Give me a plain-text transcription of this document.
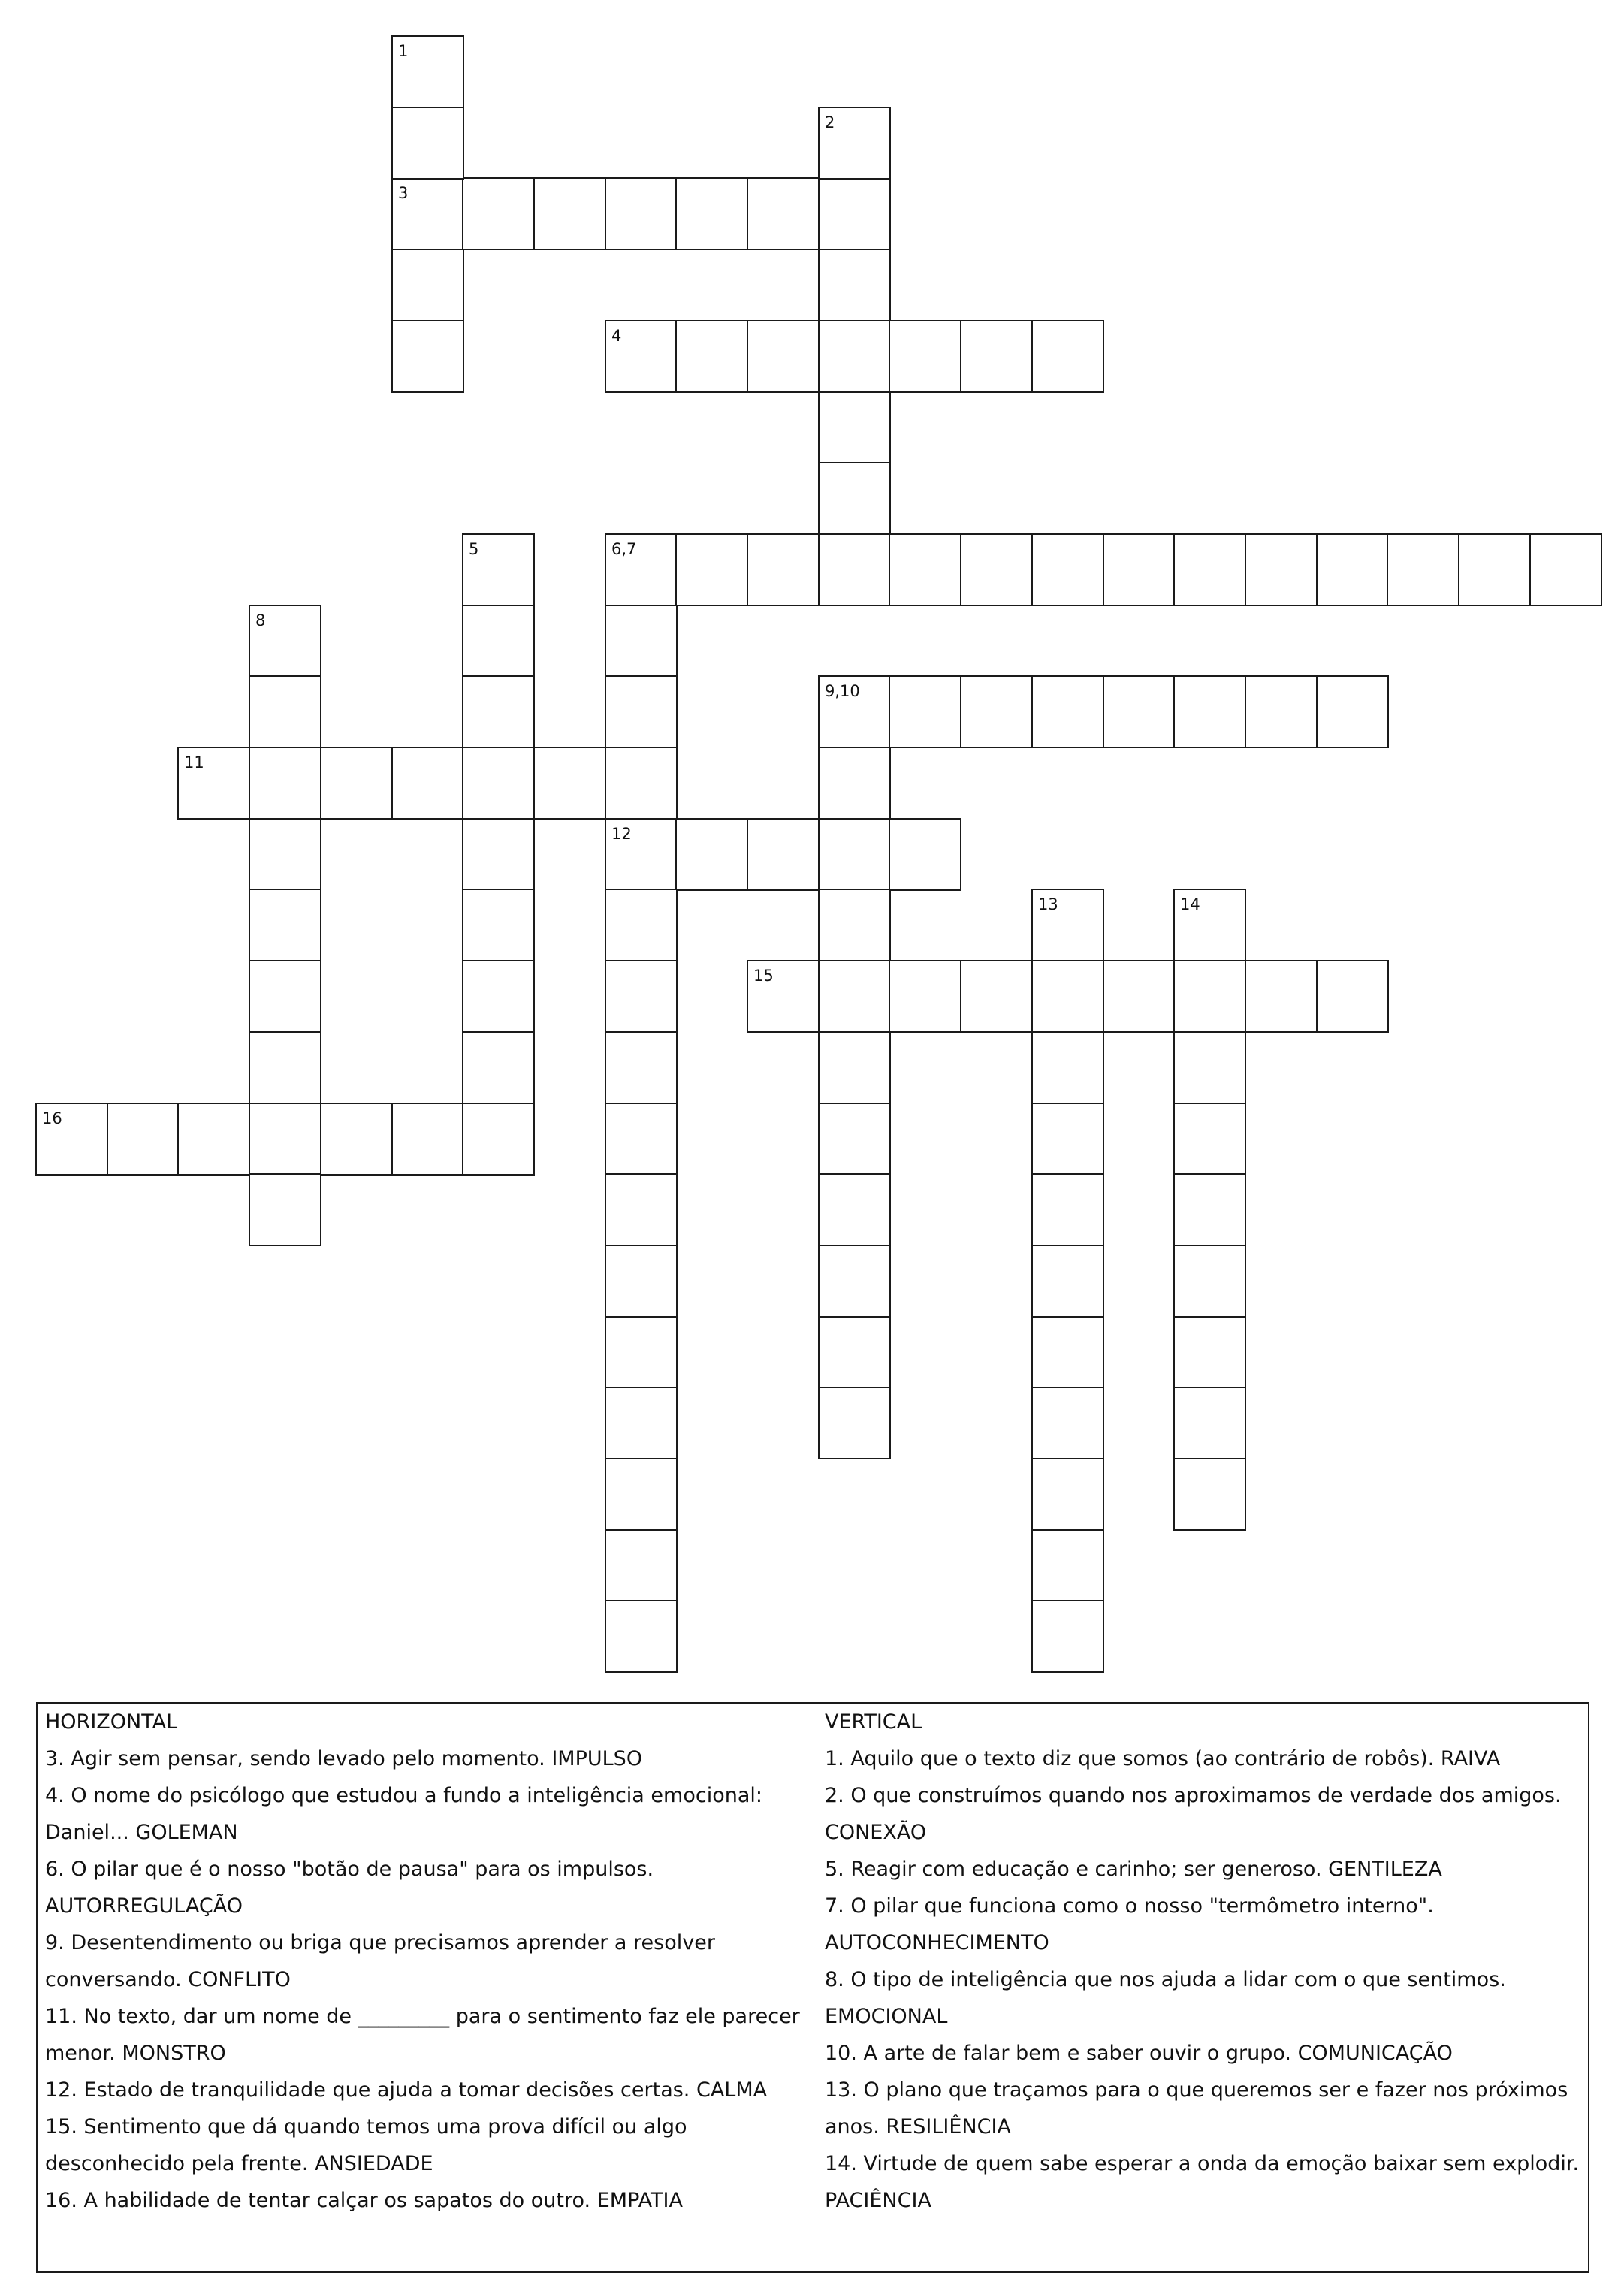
1
2
3
4
5	6,7
8
9,10
11
12
13	14
15
16
HORIZONTAL
3. Agir sem pensar, sendo levado pelo momento. IMPULSO
4. O nome do psicólogo que estudou a fundo a inteligência emocional:
Daniel... GOLEMAN
6. O pilar que é o nosso "botão de pausa" para os impulsos.
AUTORREGULAÇÃO
9. Desentendimento ou briga que precisamos aprender a resolver
conversando. CONFLITO
11. No texto, dar um nome de _________ para o sentimento faz ele parecer
menor. MONSTRO
12. Estado de tranquilidade que ajuda a tomar decisões certas. CALMA
15. Sentimento que dá quando temos uma prova difícil ou algo
desconhecido pela frente. ANSIEDADE
16. A habilidade de tentar calçar os sapatos do outro. EMPATIA
VERTICAL
1. Aquilo que o texto diz que somos (ao contrário de robôs). RAIVA
2. O que construímos quando nos aproximamos de verdade dos amigos.
CONEXÃO
5. Reagir com educação e carinho; ser generoso. GENTILEZA
7. O pilar que funciona como o nosso "termômetro interno".
AUTOCONHECIMENTO
8. O tipo de inteligência que nos ajuda a lidar com o que sentimos.
EMOCIONAL
10. A arte de falar bem e saber ouvir o grupo. COMUNICAÇÃO
13. O plano que traçamos para o que queremos ser e fazer nos próximos
anos. RESILIÊNCIA
14. Virtude de quem sabe esperar a onda da emoção baixar sem explodir.
PACIÊNCIA
